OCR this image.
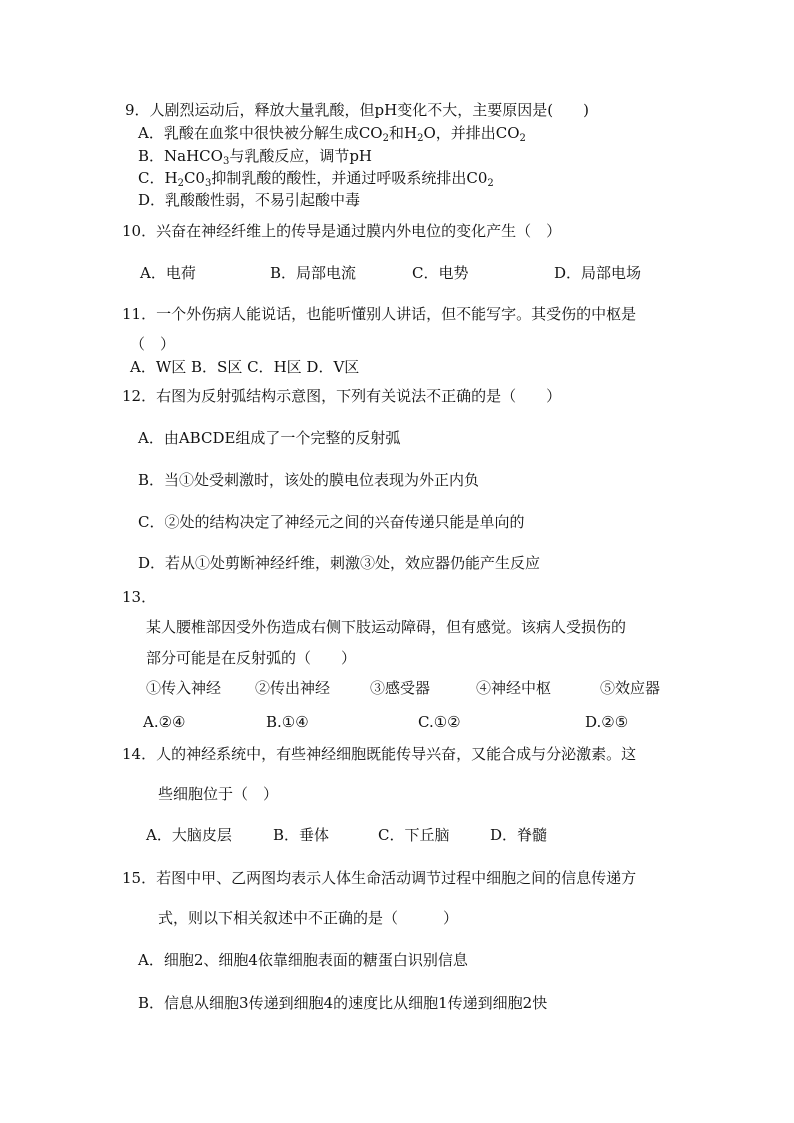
9．人剧烈运动后，释放大量乳酸，但pH变化不大，主要原因是(　　)
A．乳酸在血浆中很快被分解生成$CO_2$和$H_2O$，并排出$CO_2$
B．NaHCO$_3$与乳酸反应，调节pH
C．$H_2C0_3$抑制乳酸的酸性，并通过呼吸系统排出$C0_2$
D．乳酸酸性弱，不易引起酸中毒
10．兴奋在神经纤维上的传导是通过膜内外电位的变化产生（　）
A．电荷	B．局部电流	C．电势	D．局部电场
11．一个外伤病人能说话，也能听懂别人讲话，但不能写字。其受伤的中枢是
（　）
A．W区 B．S区 C．H区 D．V区
12．右图为反射弧结构示意图，下列有关说法不正确的是（　　）
A．由ABCDE组成了一个完整的反射弧
B．当①处受刺激时，该处的膜电位表现为外正内负
C．②处的结构决定了神经元之间的兴奋传递只能是单向的
D．若从①处剪断神经纤维，刺激③处，效应器仍能产生反应
13．
某人腰椎部因受外伤造成右侧下肢运动障碍，但有感觉。该病人受损伤的
部分可能是在反射弧的（　　）
①传入神经 ②传出神经	③感受器	④神经中枢	⑤效应器
A.②④	B.①④	C.①②	D.②⑤
14．人的神经系统中，有些神经细胞既能传导兴奋，又能合成与分泌激素。这
些细胞位于（　）
A．大脑皮层	B．垂体	C．下丘脑	D．脊髓
15．若图中甲、乙两图均表示人体生命活动调节过程中细胞之间的信息传递方
式，则以下相关叙述中不正确的是（　　　）
A．细胞2、细胞4依靠细胞表面的糖蛋白识别信息
B．信息从细胞3传递到细胞4的速度比从细胞1传递到细胞2快
